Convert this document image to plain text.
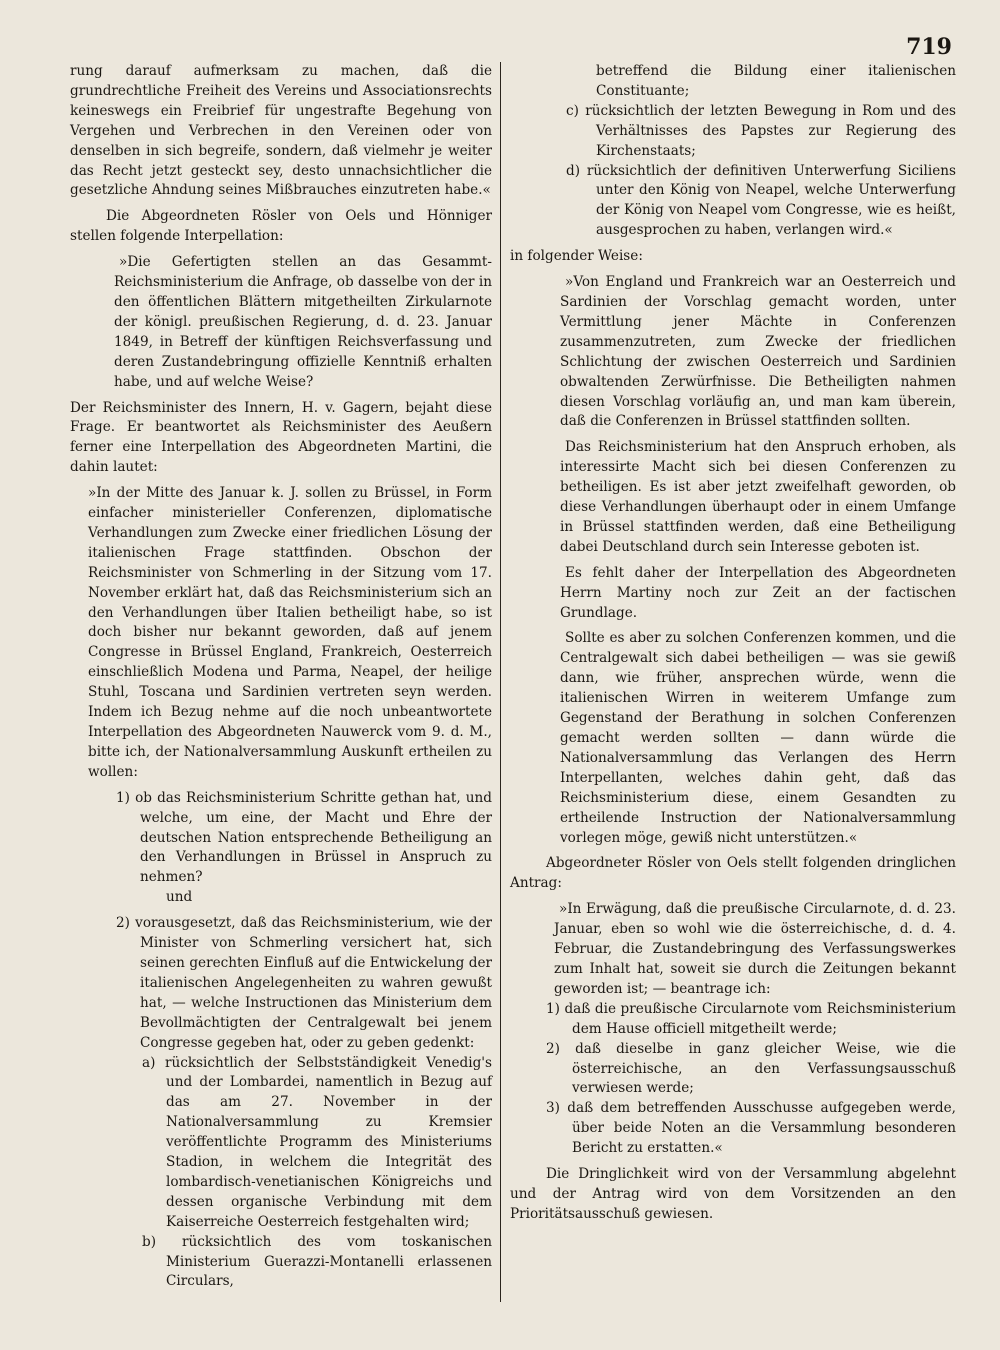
719

rung darauf aufmerksam zu machen, daß die grundrechtliche Freiheit des Vereins und Associationsrechts keineswegs ein Freibrief für ungestrafte Begehung von Vergehen und Verbrechen in den Vereinen oder von denselben in sich begreife, sondern, daß vielmehr je weiter das Recht jetzt gesteckt sey, desto unnachsichtlicher die gesetzliche Ahndung seines Mißbrauches einzutreten habe.«

Die Abgeordneten Rösler von Oels und Hönniger stellen folgende Interpellation:

»Die Gefertigten stellen an das Gesammt-Reichsministerium die Anfrage, ob dasselbe von der in den öffentlichen Blättern mitgetheilten Zirkularnote der königl. preußischen Regierung, d. d. 23. Januar 1849, in Betreff der künftigen Reichsverfassung und deren Zustandebringung offizielle Kenntniß erhalten habe, und auf welche Weise?

Der Reichsminister des Innern, H. v. Gagern, bejaht diese Frage. Er beantwortet als Reichsminister des Aeußern ferner eine Interpellation des Abgeordneten Martini, die dahin lautet:

»In der Mitte des Januar k. J. sollen zu Brüssel, in Form einfacher ministerieller Conferenzen, diplomatische Verhandlungen zum Zwecke einer friedlichen Lösung der italienischen Frage stattfinden. Obschon der Reichsminister von Schmerling in der Sitzung vom 17. November erklärt hat, daß das Reichsministerium sich an den Verhandlungen über Italien betheiligt habe, so ist doch bisher nur bekannt geworden, daß auf jenem Congresse in Brüssel England, Frankreich, Oesterreich einschließlich Modena und Parma, Neapel, der heilige Stuhl, Toscana und Sardinien vertreten seyn werden. Indem ich Bezug nehme auf die noch unbeantwortete Interpellation des Abgeordneten Nauwerck vom 9. d. M., bitte ich, der Nationalversammlung Auskunft ertheilen zu wollen:

1) ob das Reichsministerium Schritte gethan hat, und welche, um eine, der Macht und Ehre der deutschen Nation entsprechende Betheiligung an den Verhandlungen in Brüssel in Anspruch zu nehmen?

und

2) vorausgesetzt, daß das Reichsministerium, wie der Minister von Schmerling versichert hat, sich seinen gerechten Einfluß auf die Entwickelung der italienischen Angelegenheiten zu wahren gewußt hat, — welche Instructionen das Ministerium dem Bevollmächtigten der Centralgewalt bei jenem Congresse gegeben hat, oder zu geben gedenkt:

a) rücksichtlich der Selbstständigkeit Venedig's und der Lombardei, namentlich in Bezug auf das am 27. November in der Nationalversammlung zu Kremsier veröffentlichte Programm des Ministeriums Stadion, in welchem die Integrität des lombardisch-venetianischen Königreichs und dessen organische Verbindung mit dem Kaiserreiche Oesterreich festgehalten wird;

b) rücksichtlich des vom toskanischen Ministerium Guerazzi-Montanelli erlassenen Circulars,

betreffend die Bildung einer italienischen Constituante;

c) rücksichtlich der letzten Bewegung in Rom und des Verhältnisses des Papstes zur Regierung des Kirchenstaats;

d) rücksichtlich der definitiven Unterwerfung Siciliens unter den König von Neapel, welche Unterwerfung der König von Neapel vom Congresse, wie es heißt, ausgesprochen zu haben, verlangen wird.«

in folgender Weise:

»Von England und Frankreich war an Oesterreich und Sardinien der Vorschlag gemacht worden, unter Vermittlung jener Mächte in Conferenzen zusammenzutreten, zum Zwecke der friedlichen Schlichtung der zwischen Oesterreich und Sardinien obwaltenden Zerwürfnisse. Die Betheiligten nahmen diesen Vorschlag vorläufig an, und man kam überein, daß die Conferenzen in Brüssel stattfinden sollten.

Das Reichsministerium hat den Anspruch erhoben, als interessirte Macht sich bei diesen Conferenzen zu betheiligen. Es ist aber jetzt zweifelhaft geworden, ob diese Verhandlungen überhaupt oder in einem Umfange in Brüssel stattfinden werden, daß eine Betheiligung dabei Deutschland durch sein Interesse geboten ist.

Es fehlt daher der Interpellation des Abgeordneten Herrn Martiny noch zur Zeit an der factischen Grundlage.

Sollte es aber zu solchen Conferenzen kommen, und die Centralgewalt sich dabei betheiligen — was sie gewiß dann, wie früher, ansprechen würde, wenn die italienischen Wirren in weiterem Umfange zum Gegenstand der Berathung in solchen Conferenzen gemacht werden sollten — dann würde die Nationalversammlung das Verlangen des Herrn Interpellanten, welches dahin geht, daß das Reichsministerium diese, einem Gesandten zu ertheilende Instruction der Nationalversammlung vorlegen möge, gewiß nicht unterstützen.«

Abgeordneter Rösler von Oels stellt folgenden dringlichen Antrag:

»In Erwägung, daß die preußische Circularnote, d. d. 23. Januar, eben so wohl wie die österreichische, d. d. 4. Februar, die Zustandebringung des Verfassungswerkes zum Inhalt hat, soweit sie durch die Zeitungen bekannt geworden ist; — beantrage ich:

1) daß die preußische Circularnote vom Reichsministerium dem Hause officiell mitgetheilt werde;

2) daß dieselbe in ganz gleicher Weise, wie die österreichische, an den Verfassungsausschuß verwiesen werde;

3) daß dem betreffenden Ausschusse aufgegeben werde, über beide Noten an die Versammlung besonderen Bericht zu erstatten.«

Die Dringlichkeit wird von der Versammlung abgelehnt und der Antrag wird von dem Vorsitzenden an den Prioritätsausschuß gewiesen.
